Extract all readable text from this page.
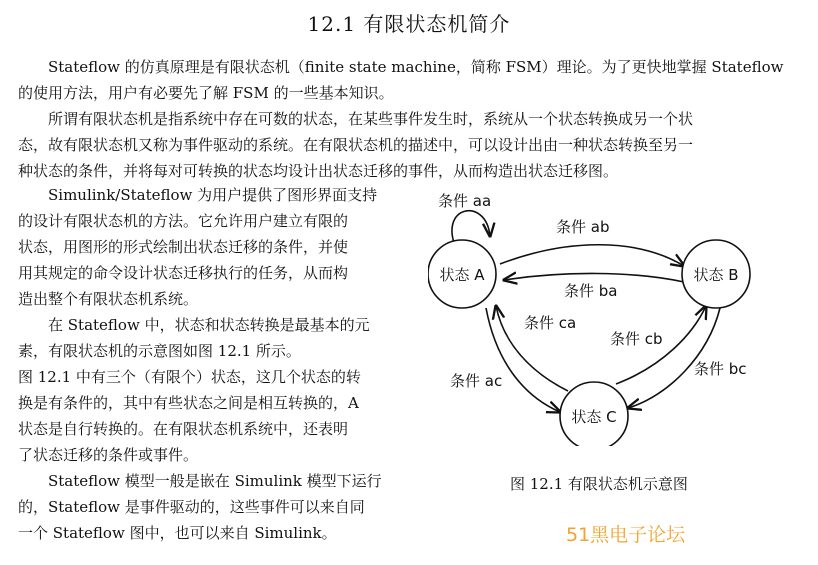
12.1 有限状态机简介

　　Stateflow 的仿真原理是有限状态机（finite state machine，简称 FSM）理论。为了更快地掌握 Stateflow
的使用方法，用户有必要先了解 FSM 的一些基本知识。

　　所谓有限状态机是指系统中存在可数的状态，在某些事件发生时，系统从一个状态转换成另一个状
态，故有限状态机又称为事件驱动的系统。在有限状态机的描述中，可以设计出由一种状态转换至另一
种状态的条件，并将每对可转换的状态均设计出状态迁移的事件，从而构造出状态迁移图。

　　Simulink/Stateflow 为用户提供了图形界面支持
的设计有限状态机的方法。它允许用户建立有限的
状态，用图形的形式绘制出状态迁移的条件，并使
用其规定的命令设计状态迁移执行的任务，从而构
造出整个有限状态机系统。

　　在 Stateflow 中，状态和状态转换是最基本的元
素，有限状态机的示意图如图 12.1 所示。

图 12.1 中有三个（有限个）状态，这几个状态的转
换是有条件的，其中有些状态之间是相互转换的，A
状态是自行转换的。在有限状态机系统中，还表明
了状态迁移的条件或事件。

　　Stateflow 模型一般是嵌在 Simulink 模型下运行
的，Stateflow 是事件驱动的，这些事件可以来自同
一个 Stateflow 图中，也可以来自 Simulink。

状态 A	状态 B
状态 C
条件 aa
条件 ab
条件 ba
条件 ca
条件 cb
条件 ac
条件 bc
图 12.1 有限状态机示意图
51黑电子论坛
